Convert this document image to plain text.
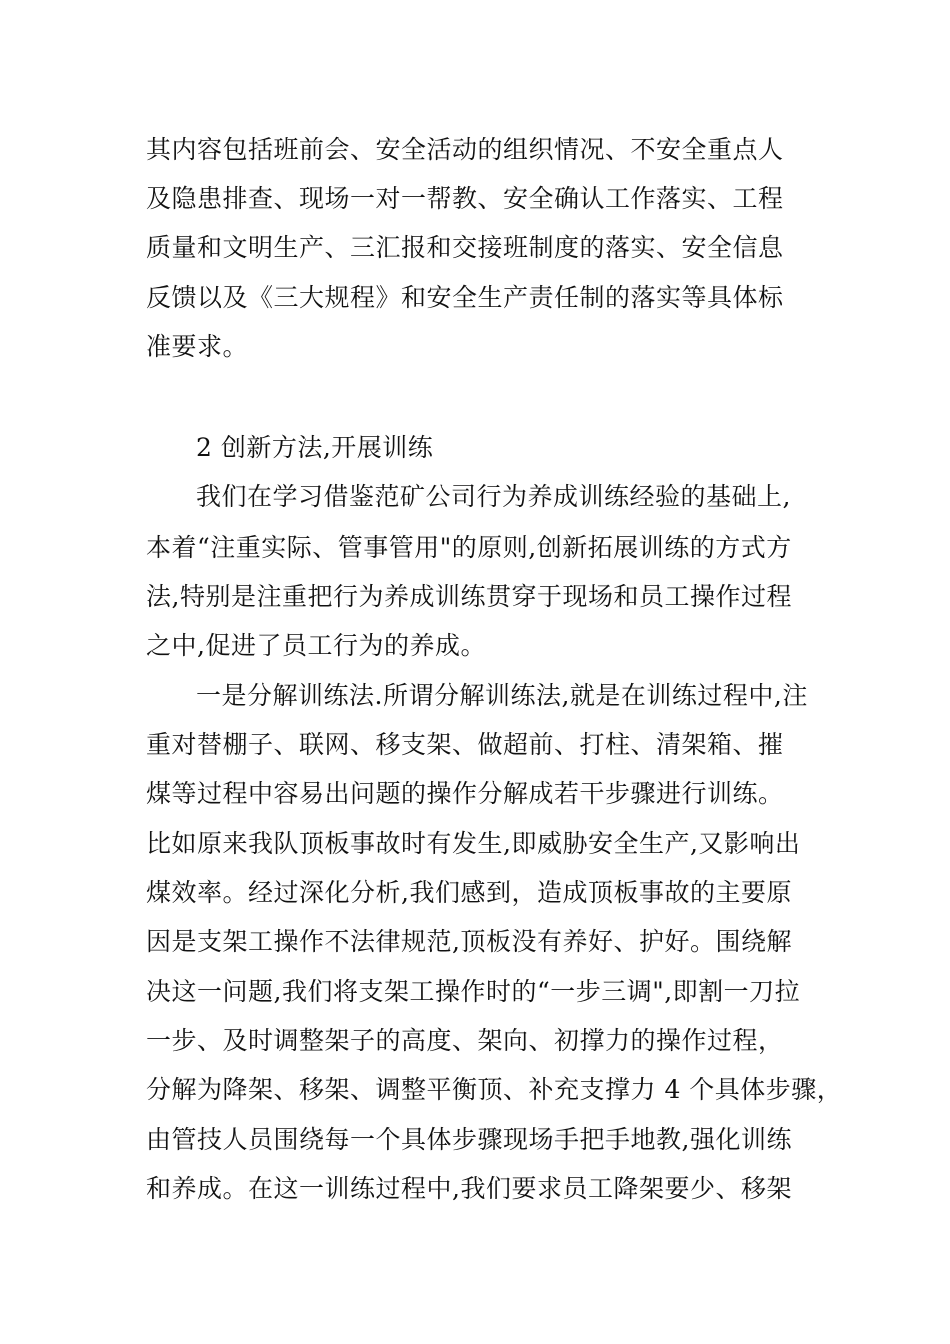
其内容包括班前会、安全活动的组织情况、不安全重点人
及隐患排查、现场一对一帮教、安全确认工作落实、工程
质量和文明生产、三汇报和交接班制度的落实、安全信息
反馈以及《三大规程》和安全生产责任制的落实等具体标
准要求。
2 创新方法,开展训练
我们在学习借鉴范矿公司行为养成训练经验的基础上,
本着“注重实际、管事管用"的原则,创新拓展训练的方式方
法,特别是注重把行为养成训练贯穿于现场和员工操作过程
之中,促进了员工行为的养成。
一是分解训练法.所谓分解训练法,就是在训练过程中,注
重对替棚子、联网、移支架、做超前、打柱、清架箱、摧
煤等过程中容易出问题的操作分解成若干步骤进行训练。
比如原来我队顶板事故时有发生,即威胁安全生产,又影响出
煤效率。经过深化分析,我们感到，造成顶板事故的主要原
因是支架工操作不法律规范,顶板没有养好、护好。围绕解
决这一问题,我们将支架工操作时的“一步三调",即割一刀拉
一步、及时调整架子的高度、架向、初撑力的操作过程，
分解为降架、移架、调整平衡顶、补充支撑力 4 个具体步骤，
由管技人员围绕每一个具体步骤现场手把手地教,强化训练
和养成。在这一训练过程中,我们要求员工降架要少、移架
